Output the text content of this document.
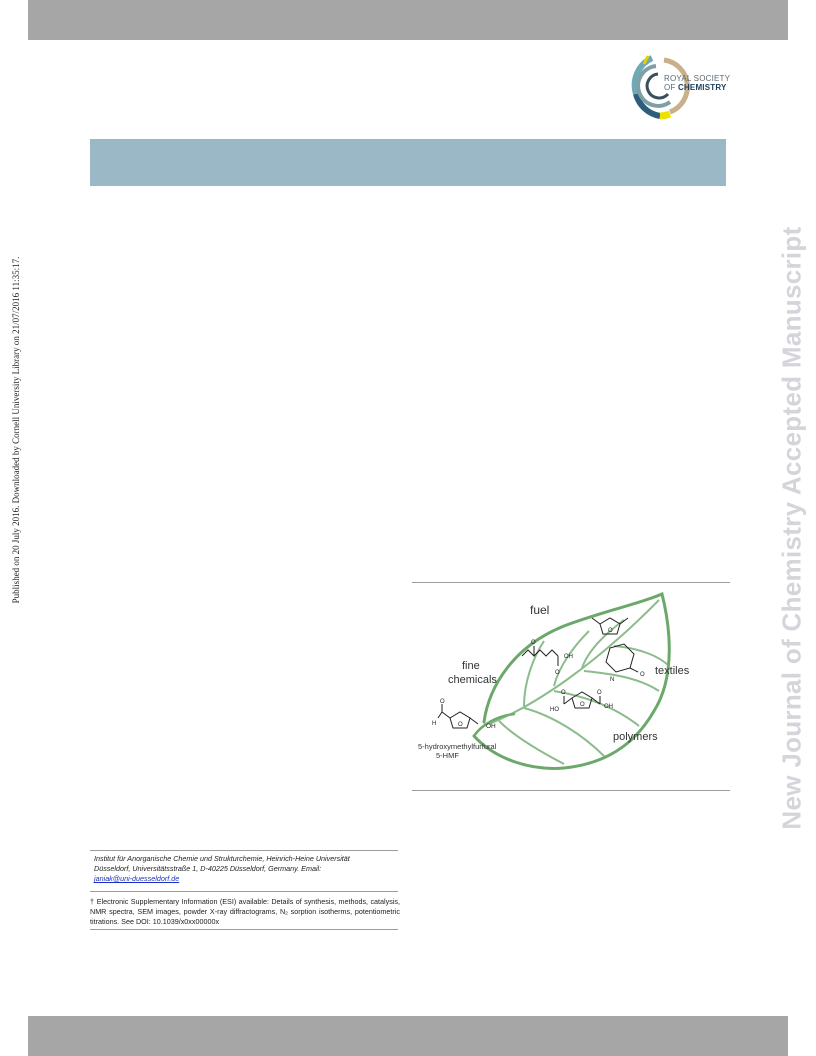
ROYAL SOCIETY
OF CHEMISTRY
Published on 20 July 2016. Downloaded by Cornell University Library on 21/07/2016 11:35:17.	New Journal of Chemistry Accepted Manuscript
fuel
fine
chemicals
textiles
polymers
5-hydroxymethylfurfural
5-HMF
O
H	O	OH
O
O
OH
O
O
N
O
HO
O
O
OH
Institut für Anorganische Chemie und Strukturchemie, Heinrich-Heine Universität
Düsseldorf, Universitätsstraße 1, D-40225 Düsseldorf, Germany. Email:
janiak@uni-duesseldorf.de
† Electronic Supplementary Information (ESI) available: Details of synthesis, methods, catalysis, NMR spectra, SEM images, powder X-ray diffractograms, N₂ sorption isotherms, potentiometric titrations. See DOI: 10.1039/x0xx00000x
